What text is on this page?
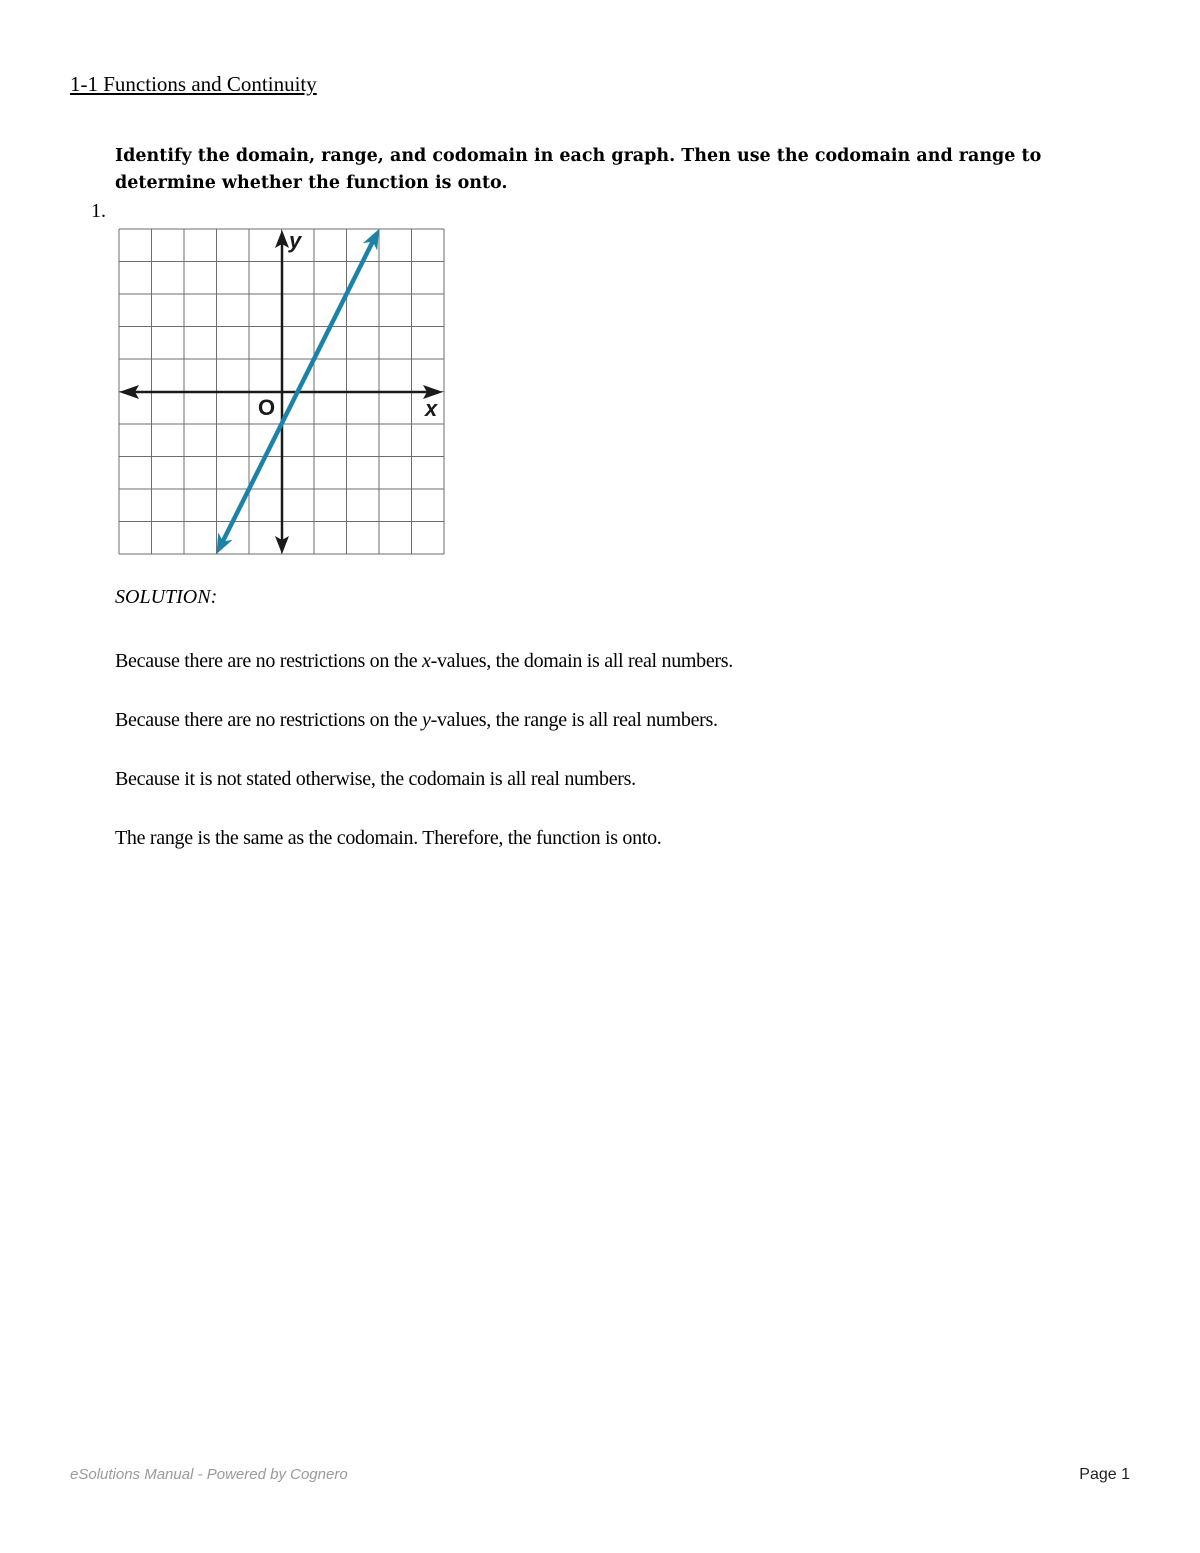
1-1 Functions and Continuity
Identify the domain, range, and codomain in each graph. Then use the codomain and range to determine whether the function is onto.
1.
y
x
O
SOLUTION:
Because there are no restrictions on the x-values, the domain is all real numbers.
Because there are no restrictions on the y-values, the range is all real numbers.
Because it is not stated otherwise, the codomain is all real numbers.
The range is the same as the codomain. Therefore, the function is onto.
eSolutions Manual - Powered by Cognero	Page 1
